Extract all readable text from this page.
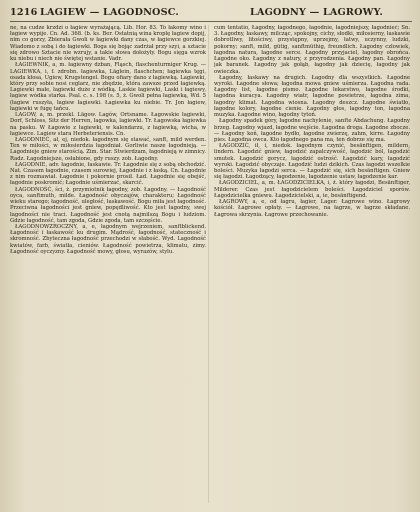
1216 LAGIEW — LAGODNOSC.	LAGODNY — LAGROWY.

ne, na cudze krzdzi o łagiew wyrażającą. Lib. Hor. 83. To łakomy wino i łagiew wypije. Cn. Ad. 368. (b. ks. Ber. Ostatnią wina kroplę łagiew dopij, nim co gorzy, Zbierała Gwoli w łagiewki dany czas, w łagiewce gorzkiej. Wiadomo z sobą i do łagiewki. Boga się bojąc zadrżał przy szyi, a sztacie się zdrowo Sztacie nie wzrujy, a takie słowa dołożyły. Bogu sięga wzrok ku niebu i niech nie świętej wstanie. Vadr.

ŁAGIEWNIK, a, m. łagiewny dzban, Fląsch, flaschenturmiger Krug. — LAGIEWKA, i, f. zdrobn. łagiewka, Läglein, flaschchen; łagiewka tęgi, osada kłosa, Ugiew, Krugstengel. Bogu ofiary dano z łagiewką. Lagiewki, który przy sobie nosi ceglarz, nie zbędzie, która zawsze przed łagiewką. Lagiewki małe, łagiewki duże z wódką. Laskie łagiewki, Laski i łagiewy, łagiew wódka starka. Psal. c. s. 198 (s. 5, ż. Gwoli pełna łagiewką, Wd. 5 (łagiew ruszyła, łagiew łagiewki. Łagiewka ku niebie. Tr. Jon łagiew, łagiewki w fugę tańcu.

LAGOW, a, m. przekl. Lägow. Lagów, Ortsname. Łagowskie łagiewki, Dorf, Schloss, Sitz der Herren, lagowka, lagiewki. Tr. Łagowska łagiewka na pasku. W Łagowie z łagiewki, w kalendarzu, z łagiewką, wicha, w łagiewce. Lagiew stara Herbeteriensis. Cn.

ŁAGODNIEĆ, ał, ej, niedok. łagodnym się stawać, sanft, mild werden. Ten w miłości, w miłosierdzia łagodniał. Gorliwie nasze łagodnieją. — Lagodnieje gniew starością. Zim. Star. Stwierdzam, łagodnieją w zimnicy. Radz. Łagodniejsze, osłabione, gdy ruszy. zob. Łagodny.

ŁAGODNIE, adv. łagodnie, łaskawie. Tr. Łagodnie się z sobą obchodzić. Nat. Czasem łagodnie, czasem surowiej, Łagodnie i z łaską. Cn. Łagodnie z nim rozmawiał. Łagodnie i pokornie prosił. Ład. Łagodnie się obejść, łagodnie poskromić; Łagodnie uśmierzać, skarcić.

ŁAGODNOŚĆ, ści, ż. przymiotnik łagodny, zob. Łagodny. — Łagodność oyca, sanftmuth, milde. Łagodność obyczajów, charakteru; Łagodność wieku starego; łagodność, uległość, łaskawość. Bogu miła jest łagodność. Przeciwna łagodności jest gniew, popędliwość. Kto jest łagodny, swej łagodności nie traci. Łagodność jest cnotą najmilszą Bogu i ludziom. Gdzie łagodność, tam zgoda, Gdzie zgoda, tam szczęście.

ŁAGODNOWZROCZNY, a, e, łagodnym wejrzeniem, sanftblickend. Łagodność i łaskawość ku drugim. Mądrość, łagodność, stateczność i skromność. Zbyteczna łagodność przechodzi w słabość. Wyd. Lagodność kwiatów, farb, światła, cieniów. Łagodność powietrza, klimatu, zimy. Łagodność oyczyzny. Łagodność mowy, głosu, wyrazów, stylu.

cum tentatio, Łagodny, łagodnego, łagodnie, łagodniejszy, łagodnieć; Sn. 3. Łagodny, łaskawy, milcząc, spokojny, cichy, słodki, miłosierny, łaskawie dobrotliwy, litościwy, przystępny, uprzejmy, łatwy, uczynny, ludzki, pokorny; sanft, mild, gütig, sanftmüthig, freundlich. Łagodny człowiek, łagodna natura, łagodne serce. Łagodny przyjaciel, łagodny obrońca. Łagodne oko. Łagodny z natury, z przyrodzenia. Łagodny pan. Łagodny jak baranek. Łagodny jak gołąb, łagodny jak dziecię, łagodny jak owieczka.

Łagodny, łaskawy na drugich. Łagodny dla wszystkich. Łagodne wyroki. Łagodne słowa; łagodna mowa gniew uśmierza. Łagodna rada. Łagodny list, łagodne pismo. Łagodne lekarstwo, łagodne środki, łagodna kuracya. Łagodny wiatr, łagodne powietrze, łagodna zima, łagodny klimat. Łagodna wiosna. Łagodny deszcz. Łagodne światło, łagodne kolory, łagodne cienie. Łagodny głos, łagodny ton, łagodna muzyka. Łagodne wino, łagodny tytoń.

Łagodny spadek góry, łagodne nachylenie, sanfte Abdachung. Łagodny brzeg. Łagodny wjazd, łagodne wejście. Łagodna droga. Łagodne zbocze. — Łagodny koń, łagodne bydło, łagodne zwierzę, zahm, kirre. Łagodny pies. Łagodna owca. Kto łagodnego pana ma, ten dobrze się ma.

ŁAGODZIĆ, ił, i, niedok. łagodnym czynić, besänftigen, mildern, lindern. Łagodzić gniew, łagodzić zapalczywość, łagodzić ból, łagodzić smutek. Łagodzić gorycz, łagodzić ostrość. Łagodzić kary, łagodzić wyroki. Łagodzić obyczaje. Łagodzić ludzi dzikich. Czas łagodzi wszelkie boleści. Muzyka łagodzi serca. — Łagodzić się, sich besänftigen. Gniew się łagodzi. Łagodzący, łagodzenie, łagodzenie ustaw, łagodzenie kar.

ŁAGODZICIEL, a, m. ŁAGODZICIELKA, i, ż. który łagodzi, Besänftiger, Milderer. Czas jest łagodzicielem boleści. Łagodziciel sporów. Łagodzicielka gniewu. Łagodzicielski, a, ie, besänftigend.

ŁAGROWY, a, e, od łagru, łagier, Lager. Łagrowe wino. Łagrowy kościół. Łagrowe opłaty. — Łagrowe, na łagrze, w łagrze składane. Łagrowa skrzynia. Łagrowe przechowanie.
